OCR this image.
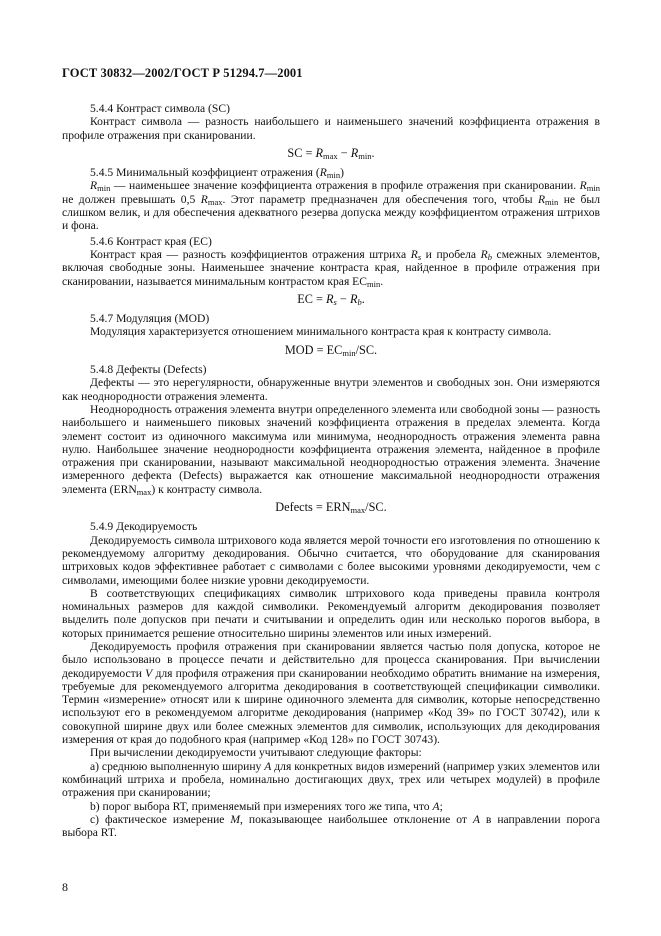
ГОСТ 30832—2002/ГОСТ Р 51294.7—2001

5.4.4 Контраст символа (SC)

Контраст символа — разность наибольшего и наименьшего значений коэффициента отражения в профиле отражения при сканировании.

SC = $R_{max} - R_{min}$.

5.4.5 Минимальный коэффициент отражения $(R_{min})$

$R_{min}$ — наименьшее значение коэффициента отражения в профиле отражения при сканировании. $R_{min}$ не должен превышать 0,5 $R_{max}$. Этот параметр предназначен для обеспечения того, чтобы $R_{min}$ не был слишком велик, и для обеспечения адекватного резерва допуска между коэффициентом отражения штрихов и фона.

5.4.6 Контраст края (ЕС)

Контраст края — разность коэффициентов отражения штриха $R_s$ и пробела $R_b$ смежных элементов, включая свободные зоны. Наименьшее значение контраста края, найденное в профиле отражения при сканировании, называется минимальным контрастом края $ЕС_{min}$.

ЕС = $R_s - R_b$.

5.4.7 Модуляция (MOD)

Модуляция характеризуется отношением минимального контраста края к контрасту символа.

MOD = $EC_{min}/SC$.

5.4.8 Дефекты (Defects)

Дефекты — это нерегулярности, обнаруженные внутри элементов и свободных зон. Они измеряются как неоднородности отражения элемента.

Неоднородность отражения элемента внутри определенного элемента или свободной зоны — разность наибольшего и наименьшего пиковых значений коэффициента отражения в пределах элемента. Когда элемент состоит из одиночного максимума или минимума, неоднородность отражения элемента равна нулю. Наибольшее значение неоднородности коэффициента отражения элемента, найденное в профиле отражения при сканировании, называют максимальной неоднородностью отражения элемента. Значение измеренного дефекта (Defects) выражается как отношение максимальной неоднородности отражения элемента $(ERN_{max})$ к контрасту символа.

Defects = $ERN_{max}/SC$.

5.4.9 Декодируемость

Декодируемость символа штрихового кода является мерой точности его изготовления по отношению к рекомендуемому алгоритму декодирования. Обычно считается, что оборудование для сканирования штриховых кодов эффективнее работает с символами с более высокими уровнями декодируемости, чем с символами, имеющими более низкие уровни декодируемости.

В соответствующих спецификациях символик штрихового кода приведены правила контроля номинальных размеров для каждой символики. Рекомендуемый алгоритм декодирования позволяет выделить поле допусков при печати и считывании и определить один или несколько порогов выбора, в которых принимается решение относительно ширины элементов или иных измерений.

Декодируемость профиля отражения при сканировании является частью поля допуска, которое не было использовано в процессе печати и действительно для процесса сканирования. При вычислении декодируемости V для профиля отражения при сканировании необходимо обратить внимание на измерения, требуемые для рекомендуемого алгоритма декодирования в соответствующей спецификации символики. Термин «измерение» относят или к ширине одиночного элемента для символик, которые непосредственно используют его в рекомендуемом алгоритме декодирования (например «Код 39» по ГОСТ 30742), или к совокупной ширине двух или более смежных элементов для символик, использующих для декодирования измерения от края до подобного края (например «Код 128» по ГОСТ 30743).

При вычислении декодируемости учитывают следующие факторы:

а) среднюю выполненную ширину A для конкретных видов измерений (например узких элементов или комбинаций штриха и пробела, номинально достигающих двух, трех или четырех модулей) в профиле отражения при сканировании;

b) порог выбора RT, применяемый при измерениях того же типа, что A;

с) фактическое измерение M, показывающее наибольшее отклонение от A в направлении порога выбора RT.

8
